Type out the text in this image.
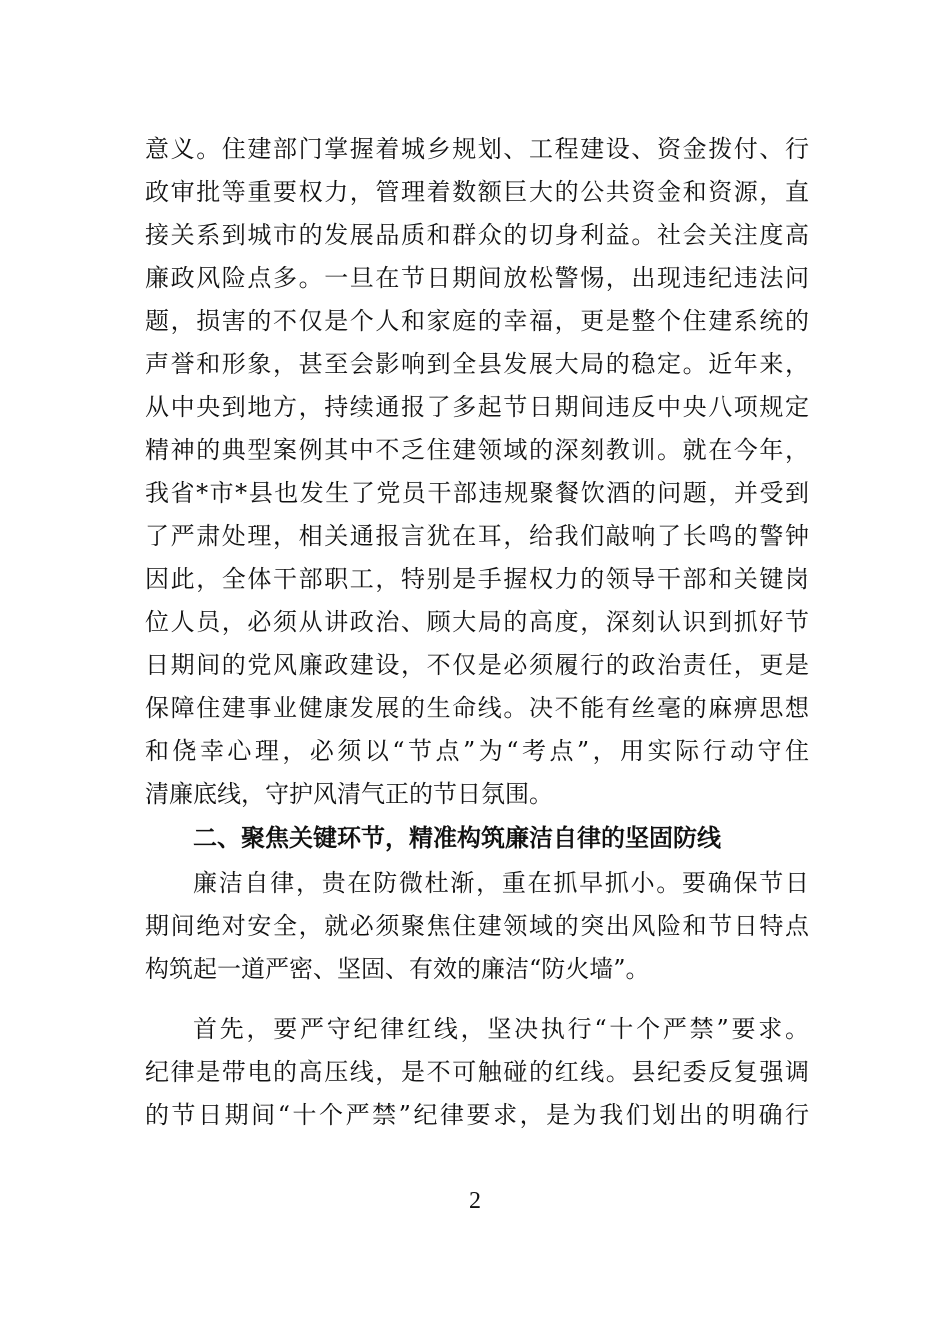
意义。住建部门掌握着城乡规划、工程建设、资金拨付、行
政审批等重要权力，管理着数额巨大的公共资金和资源，直
接关系到城市的发展品质和群众的切身利益。社会关注度高
廉政风险点多。一旦在节日期间放松警惕，出现违纪违法问
题，损害的不仅是个人和家庭的幸福，更是整个住建系统的
声誉和形象，甚至会影响到全县发展大局的稳定。近年来，
从中央到地方，持续通报了多起节日期间违反中央八项规定
精神的典型案例其中不乏住建领域的深刻教训。就在今年，
我省*市*县也发生了党员干部违规聚餐饮酒的问题，并受到
了严肃处理，相关通报言犹在耳，给我们敲响了长鸣的警钟
因此，全体干部职工，特别是手握权力的领导干部和关键岗
位人员，必须从讲政治、顾大局的高度，深刻认识到抓好节
日期间的党风廉政建设，不仅是必须履行的政治责任，更是
保障住建事业健康发展的生命线。决不能有丝毫的麻痹思想
和侥幸心理，必须以“节点”为“考点”，用实际行动守住
清廉底线，守护风清气正的节日氛围。
二、聚焦关键环节，精准构筑廉洁自律的坚固防线
廉洁自律，贵在防微杜渐，重在抓早抓小。要确保节日
期间绝对安全，就必须聚焦住建领域的突出风险和节日特点
构筑起一道严密、坚固、有效的廉洁“防火墙”。
首先，要严守纪律红线，坚决执行“十个严禁”要求。
纪律是带电的高压线，是不可触碰的红线。县纪委反复强调
的节日期间“十个严禁”纪律要求，是为我们划出的明确行
2
